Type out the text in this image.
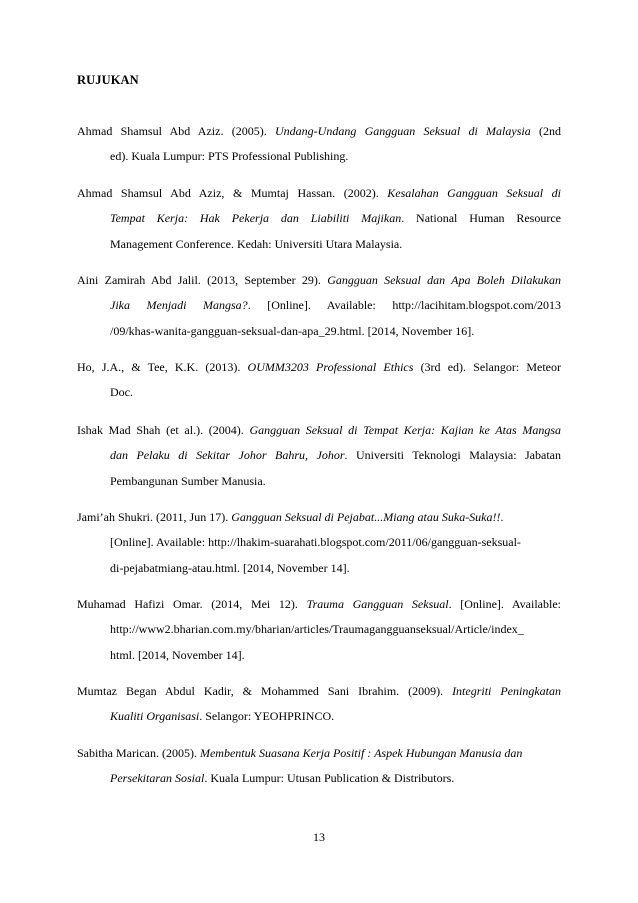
RUJUKAN
Ahmad Shamsul Abd Aziz. (2005). Undang-Undang Gangguan Seksual di Malaysia (2nd
ed). Kuala Lumpur: PTS Professional Publishing.
Ahmad Shamsul Abd Aziz, & Mumtaj Hassan. (2002). Kesalahan Gangguan Seksual di
Tempat Kerja: Hak Pekerja dan Liabiliti Majikan. National Human Resource
Management Conference. Kedah: Universiti Utara Malaysia.
Aini Zamirah Abd Jalil. (2013, September 29). Gangguan Seksual dan Apa Boleh Dilakukan
Jika Menjadi Mangsa?. [Online]. Available: http://lacihitam.blogspot.com/2013
/09/khas-wanita-gangguan-seksual-dan-apa_29.html. [2014, November 16].
Ho, J.A., & Tee, K.K. (2013). OUMM3203 Professional Ethics (3rd ed). Selangor: Meteor
Doc.
Ishak Mad Shah (et al.). (2004). Gangguan Seksual di Tempat Kerja: Kajian ke Atas Mangsa
dan Pelaku di Sekitar Johor Bahru, Johor. Universiti Teknologi Malaysia: Jabatan
Pembangunan Sumber Manusia.
Jami’ah Shukri. (2011, Jun 17). Gangguan Seksual di Pejabat...Miang atau Suka-Suka!!.
[Online]. Available: http://lhakim-suarahati.blogspot.com/2011/06/gangguan-seksual-
di-pejabatmiang-atau.html. [2014, November 14].
Muhamad Hafizi Omar. (2014, Mei 12). Trauma Gangguan Seksual. [Online]. Available:
http://www2.bharian.com.my/bharian/articles/Traumagangguanseksual/Article/index_
html. [2014, November 14].
Mumtaz Began Abdul Kadir, & Mohammed Sani Ibrahim. (2009). Integriti Peningkatan
Kualiti Organisasi. Selangor: YEOHPRINCO.
Sabitha Marican. (2005). Membentuk Suasana Kerja Positif : Aspek Hubungan Manusia dan
Persekitaran Sosial. Kuala Lumpur: Utusan Publication & Distributors.
13
